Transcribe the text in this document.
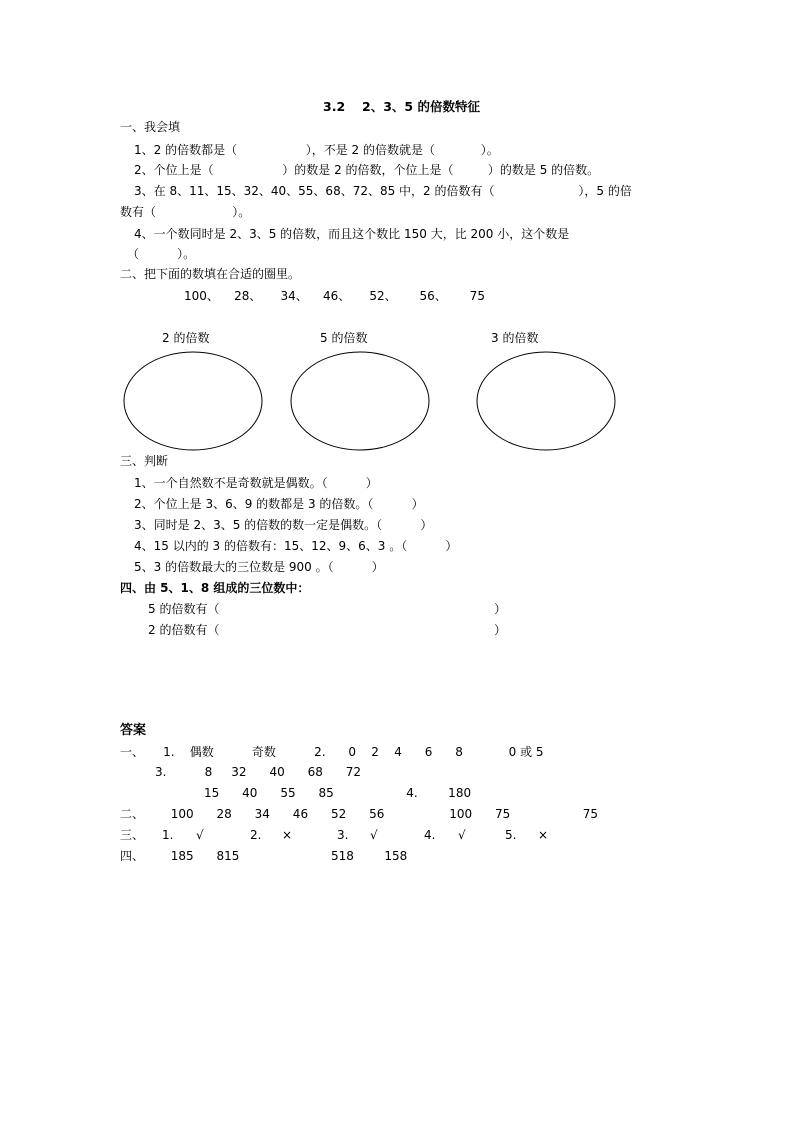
3.2　 2、3、5 的倍数特征
一、我会填
1、2 的倍数都是（                  ），不是 2 的倍数就是（            ）。
2、个位上是（                  ）的数是 2 的倍数，个位上是（         ）的数是 5 的倍数。
3、在 8、11、15、32、40、55、68、72、85 中，2 的倍数有（                      ），5 的倍
数有（                    ）。
4、一个数同时是 2、3、5 的倍数，而且这个数比 150 大，比 200 小，这个数是
（          ）。
二、把下面的数填在合适的圈里。
100、    28、     34、    46、     52、      56、      75
2 的倍数	5 的倍数	3 的倍数
三、判断
1、一个自然数不是奇数就是偶数。（          ）
2、个位上是 3、6、9 的数都是 3 的倍数。（          ）
3、同时是 2、3、5 的倍数的数一定是偶数。（          ）
4、15 以内的 3 的倍数有：15、12、9、6、3 。（          ）
5、3 的倍数最大的三位数是 900 。（          ）
四、由 5、1、8 组成的三位数中：
5 的倍数有（                                                                        ）
2 的倍数有（                                                                        ）
答案
一、     1.    偶数          奇数          2.      0    2    4      6      8            0 或 5
3.          8     32      40      68      72
15      40      55      85                   4.        180
二、       100      28      34      46      52      56                 100      75                   75
三、 1. √	2. ×	3. √	4. √	5. ×
四、       185      815                        518        158
